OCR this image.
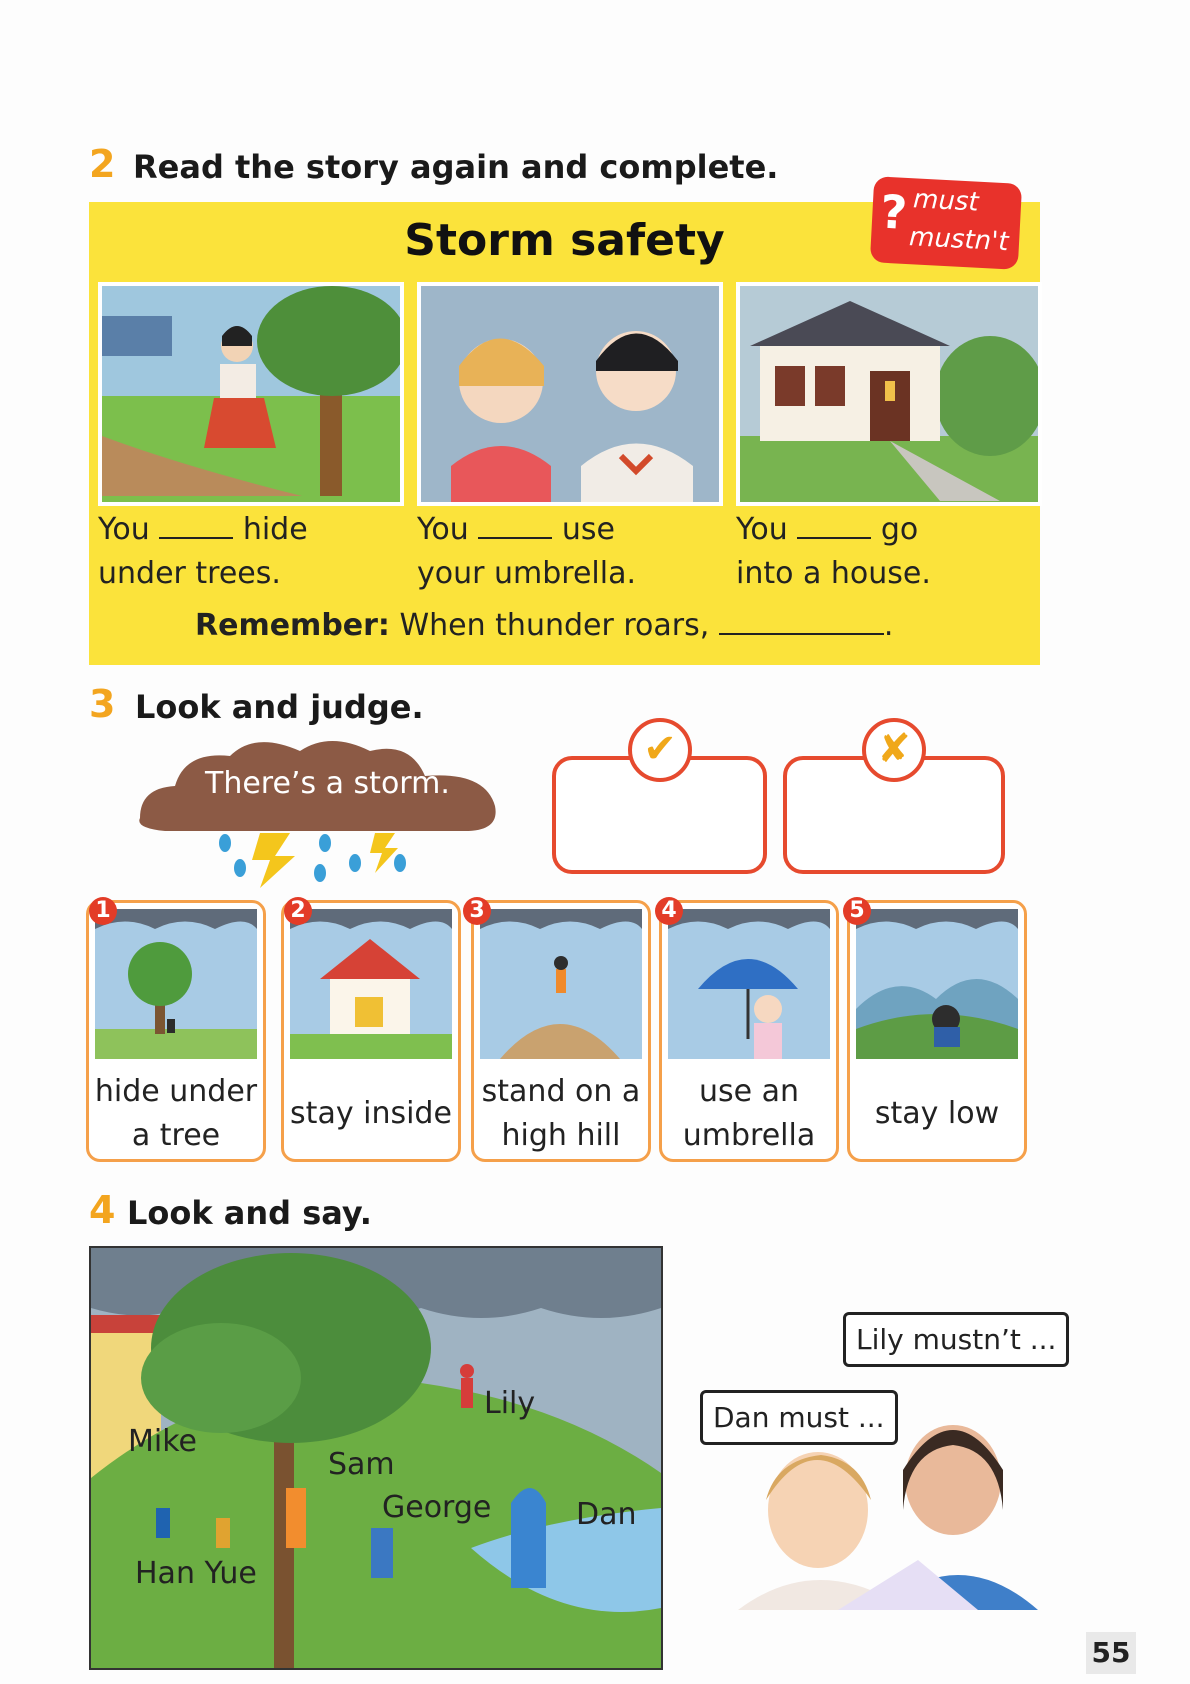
2 Read the story again and complete.
Storm safety
? must
mustn't
You	hide
under trees.
You	use
your umbrella.
You	go
into a house.
Remember: When thunder roars,	.
3 Look and judge.
There’s a storm.
✔	✘
hide under a tree
1
stay inside
2
stand on a high hill
3
use an umbrella
4
stay low
5
4 Look and say.
Lily
Mike
Sam
George	Dan
Han Yue
Lily mustn’t ...
Dan must ...
55
